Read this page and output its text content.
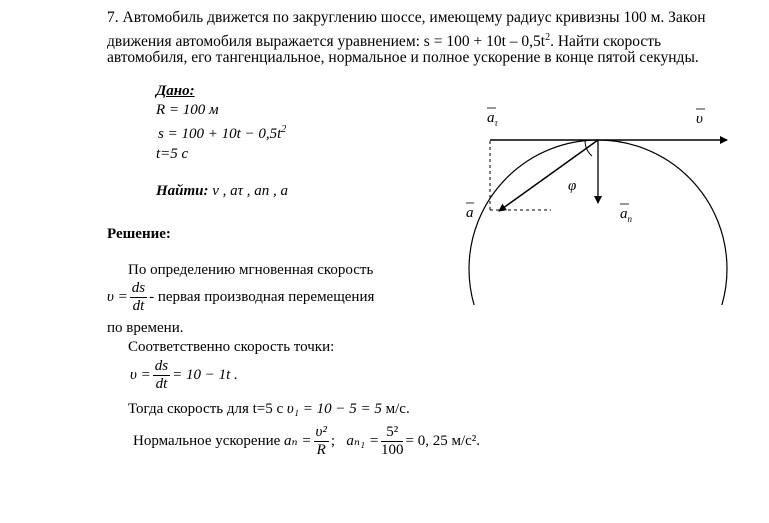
7. Автомобиль движется по закруглению шоссе, имеющему радиус кривизны 100 м. Закон
движения автомобиля выражается уравнением: $s = 100 + 10t - 0,5t^2$. Найти скорость
автомобиля, его тангенциальное, нормальное и полное ускорение в конце пятой секунды.
Дано:
R = 100 м
$s = 100 + 10t - 0,5t^2$
t=5 с
Найти: v , aτ , an , a
Решение:
По определению мгновенная скорость
$\upsilon = \frac{ds}{dt}$ - первая производная перемещения
по времени.
Соответственно скорость точки:
$\upsilon = \frac{ds}{dt} = 10 - 1t$ .
Тогда скорость для t=5 с υ₁ = 10 − 5 = 5 м/с.
Нормальное ускорение $a_n = \frac{\text{υ²}}{R}$ ; $a_{n1} = \frac{\text{5²}}{100} = 0$, 25 м/с².
$a_\tau$	υ
φ
a	$a_n$
